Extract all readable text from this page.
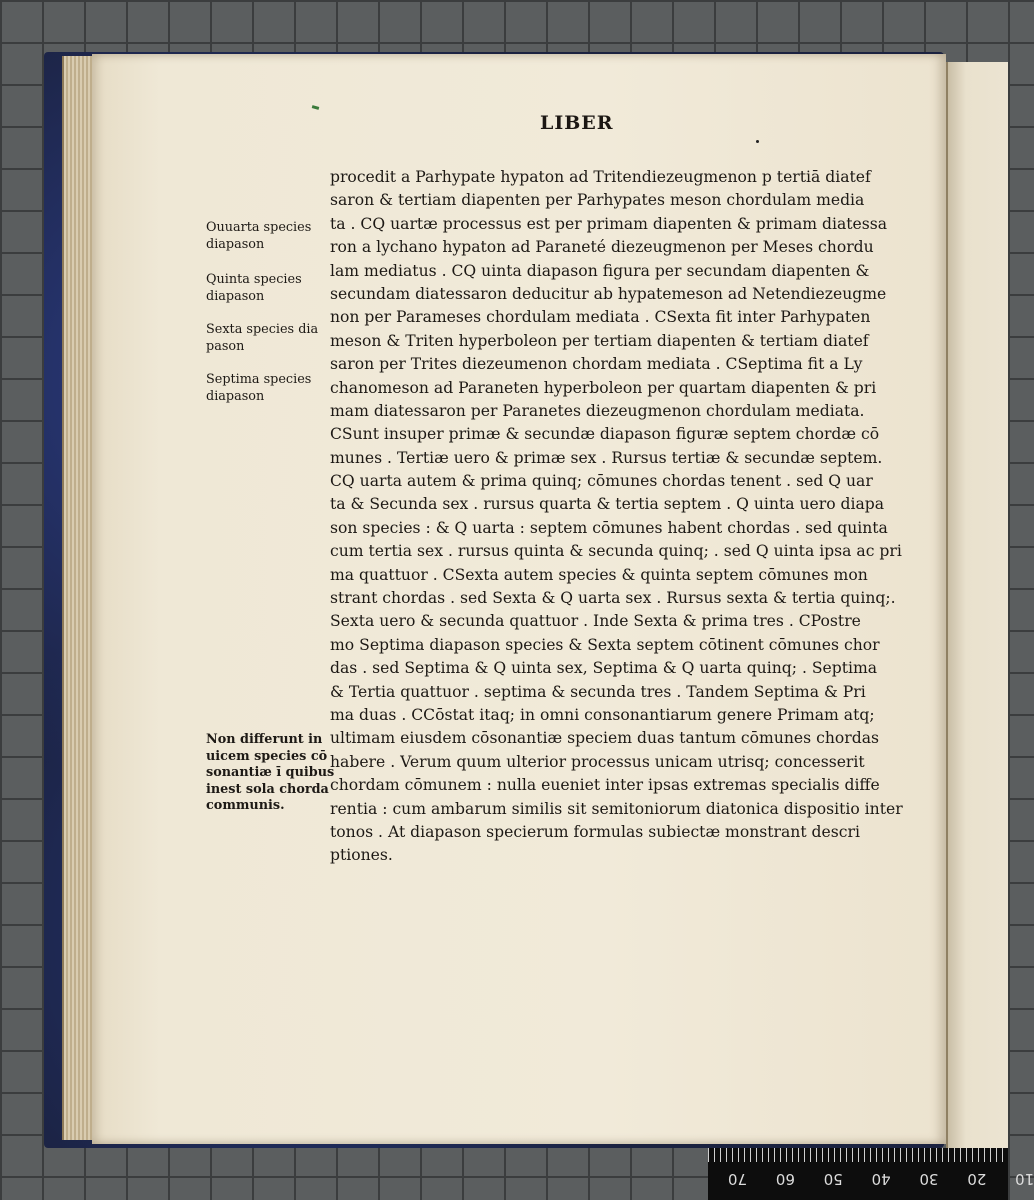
LIBER
Ouuarta species
diapason
Quinta species
diapason
Sexta species dia
pason
Septima species
diapason
Non differunt in
uicem species cō
sonantiæ ī quibus
inest sola chorda
communis.
procedit a Parhypate hypaton ad Tritendiezeugmenon p tertiā diatef
saron & tertiam diapenten per Parhypates meson chordulam media
ta . CQ uartæ processus est per primam diapenten & primam diatessa
ron a lychano hypaton ad Paraneté diezeugmenon per Meses chordu
lam mediatus . CQ uinta diapason figura per secundam diapenten &
secundam diatessaron deducitur ab hypatemeson ad Netendiezeugme
non per Parameses chordulam mediata . CSexta fit inter Parhypaten
meson & Triten hyperboleon per tertiam diapenten & tertiam diatef
saron per Trites diezeumenon chordam mediata . CSeptima fit a Ly
chanomeson ad Paraneten hyperboleon per quartam diapenten & pri
mam diatessaron per Paranetes diezeugmenon chordulam mediata.
CSunt insuper primæ & secundæ diapason figuræ septem chordæ cō
munes . Tertiæ uero & primæ sex . Rursus tertiæ & secundæ septem.
CQ uarta autem & prima quinq; cōmunes chordas tenent . sed Q uar
ta & Secunda sex . rursus quarta & tertia septem . Q uinta uero diapa
son species : & Q uarta : septem cōmunes habent chordas . sed quinta
cum tertia sex . rursus quinta & secunda quinq; . sed Q uinta ipsa ac pri
ma quattuor . CSexta autem species & quinta septem cōmunes mon
strant chordas . sed Sexta & Q uarta sex . Rursus sexta & tertia quinq;.
Sexta uero & secunda quattuor . Inde Sexta & prima tres . CPostre
mo Septima diapason species & Sexta septem cōtinent cōmunes chor
das . sed Septima & Q uinta sex, Septima & Q uarta quinq; . Septima
& Tertia quattuor . septima & secunda tres . Tandem Septima & Pri
ma duas . CCōstat itaq; in omni consonantiarum genere Primam atq;
ultimam eiusdem cōsonantiæ speciem duas tantum cōmunes chordas
habere . Verum quum ulterior processus unicam utrisq; concesserit
chordam cōmunem : nulla eueniet inter ipsas extremas specialis diffe
rentia : cum ambarum similis sit semitoniorum diatonica dispositio inter
tonos . At diapason specierum formulas subiectæ monstrant descri
ptiones.
10 20 30 40 50 60 70
